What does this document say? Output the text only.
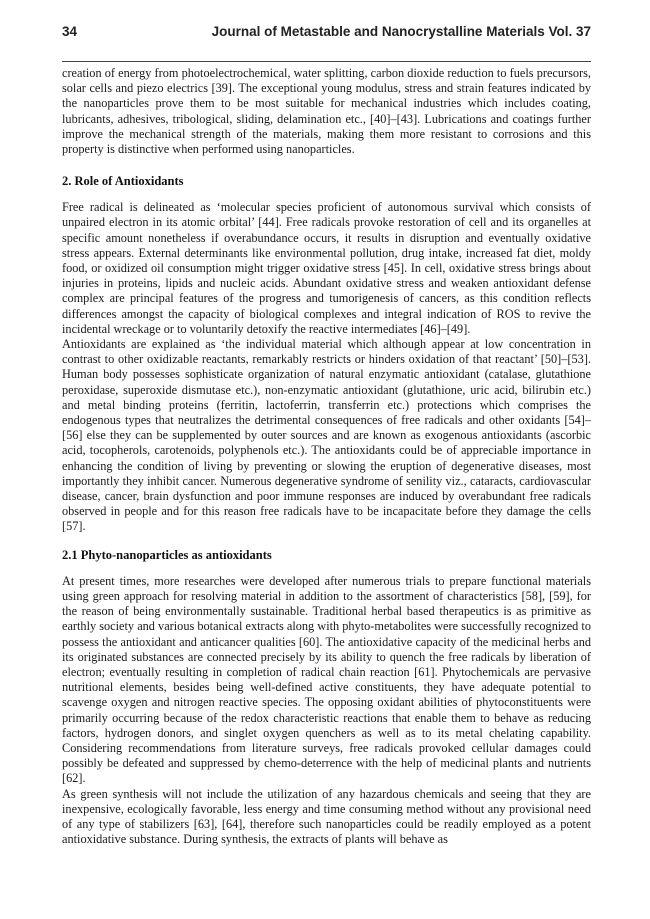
34	Journal of Metastable and Nanocrystalline Materials Vol. 37

creation of energy from photoelectrochemical, water splitting, carbon dioxide reduction to fuels precursors, solar cells and piezo electrics [39]. The exceptional young modulus, stress and strain features indicated by the nanoparticles prove them to be most suitable for mechanical industries which includes coating, lubricants, adhesives, tribological, sliding, delamination etc., [40]–[43]. Lubrications and coatings further improve the mechanical strength of the materials, making them more resistant to corrosions and this property is distinctive when performed using nanoparticles.

2. Role of Antioxidants

Free radical is delineated as ‘molecular species proficient of autonomous survival which consists of unpaired electron in its atomic orbital’ [44]. Free radicals provoke restoration of cell and its organelles at specific amount nonetheless if overabundance occurs, it results in disruption and eventually oxidative stress appears. External determinants like environmental pollution, drug intake, increased fat diet, moldy food, or oxidized oil consumption might trigger oxidative stress [45]. In cell, oxidative stress brings about injuries in proteins, lipids and nucleic acids. Abundant oxidative stress and weaken antioxidant defense complex are principal features of the progress and tumorigenesis of cancers, as this condition reflects differences amongst the capacity of biological complexes and integral indication of ROS to revive the incidental wreckage or to voluntarily detoxify the reactive intermediates [46]–[49].

Antioxidants are explained as ‘the individual material which although appear at low concentration in contrast to other oxidizable reactants, remarkably restricts or hinders oxidation of that reactant’ [50]–[53]. Human body possesses sophisticate organization of natural enzymatic antioxidant (catalase, glutathione peroxidase, superoxide dismutase etc.), non-enzymatic antioxidant (glutathione, uric acid, bilirubin etc.) and metal binding proteins (ferritin, lactoferrin, transferrin etc.) protections which comprises the endogenous types that neutralizes the detrimental consequences of free radicals and other oxidants [54]–[56] else they can be supplemented by outer sources and are known as exogenous antioxidants (ascorbic acid, tocopherols, carotenoids, polyphenols etc.). The antioxidants could be of appreciable importance in enhancing the condition of living by preventing or slowing the eruption of degenerative diseases, most importantly they inhibit cancer. Numerous degenerative syndrome of senility viz., cataracts, cardiovascular disease, cancer, brain dysfunction and poor immune responses are induced by overabundant free radicals observed in people and for this reason free radicals have to be incapacitate before they damage the cells [57].

2.1 Phyto-nanoparticles as antioxidants

At present times, more researches were developed after numerous trials to prepare functional materials using green approach for resolving material in addition to the assortment of characteristics [58], [59], for the reason of being environmentally sustainable. Traditional herbal based therapeutics is as primitive as earthly society and various botanical extracts along with phyto-metabolites were successfully recognized to possess the antioxidant and anticancer qualities [60]. The antioxidative capacity of the medicinal herbs and its originated substances are connected precisely by its ability to quench the free radicals by liberation of electron; eventually resulting in completion of radical chain reaction [61]. Phytochemicals are pervasive nutritional elements, besides being well-defined active constituents, they have adequate potential to scavenge oxygen and nitrogen reactive species. The opposing oxidant abilities of phytoconstituents were primarily occurring because of the redox characteristic reactions that enable them to behave as reducing factors, hydrogen donors, and singlet oxygen quenchers as well as to its metal chelating capability. Considering recommendations from literature surveys, free radicals provoked cellular damages could possibly be defeated and suppressed by chemo-deterrence with the help of medicinal plants and nutrients [62].

As green synthesis will not include the utilization of any hazardous chemicals and seeing that they are inexpensive, ecologically favorable, less energy and time consuming method without any provisional need of any type of stabilizers [63], [64], therefore such nanoparticles could be readily employed as a potent antioxidative substance. During synthesis, the extracts of plants will behave as
